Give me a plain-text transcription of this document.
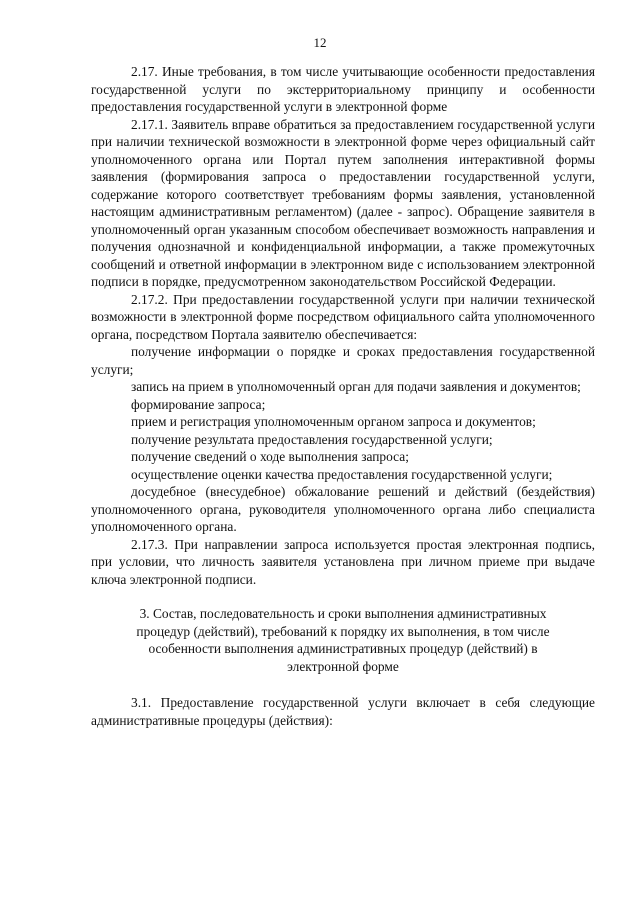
12

2.17. Иные требования, в том числе учитывающие особенности предоставления государственной услуги по экстерриториальному принципу и особенности предоставления государственной услуги в электронной форме

2.17.1. Заявитель вправе обратиться за предоставлением государственной услуги при наличии технической возможности в электронной форме через официальный сайт уполномоченного органа или Портал путем заполнения интерактивной формы заявления (формирования запроса о предоставлении государственной услуги, содержание которого соответствует требованиям формы заявления, установленной настоящим административным регламентом) (далее - запрос). Обращение заявителя в уполномоченный орган указанным способом обеспечивает возможность направления и получения однозначной и конфиденциальной информации, а также промежуточных сообщений и ответной информации в электронном виде с использованием электронной подписи в порядке, предусмотренном законодательством Российской Федерации.

2.17.2. При предоставлении государственной услуги при наличии технической возможности в электронной форме посредством официального сайта уполномоченного органа, посредством Портала заявителю обеспечивается:

получение информации о порядке и сроках предоставления государственной услуги;

запись на прием в уполномоченный орган для подачи заявления и документов;

формирование запроса;

прием и регистрация уполномоченным органом запроса и документов;

получение результата предоставления государственной услуги;

получение сведений о ходе выполнения запроса;

осуществление оценки качества предоставления государственной услуги;

досудебное (внесудебное) обжалование решений и действий (бездействия) уполномоченного органа, руководителя уполномоченного органа либо специалиста уполномоченного органа.

2.17.3. При направлении запроса используется простая электронная подпись, при условии, что личность заявителя установлена при личном приеме при выдаче ключа электронной подписи.

3. Состав, последовательность и сроки выполнения административных процедур (действий), требований к порядку их выполнения, в том числе особенности выполнения административных процедур (действий) в электронной форме

3.1. Предоставление государственной услуги включает в себя следующие административные процедуры (действия):
